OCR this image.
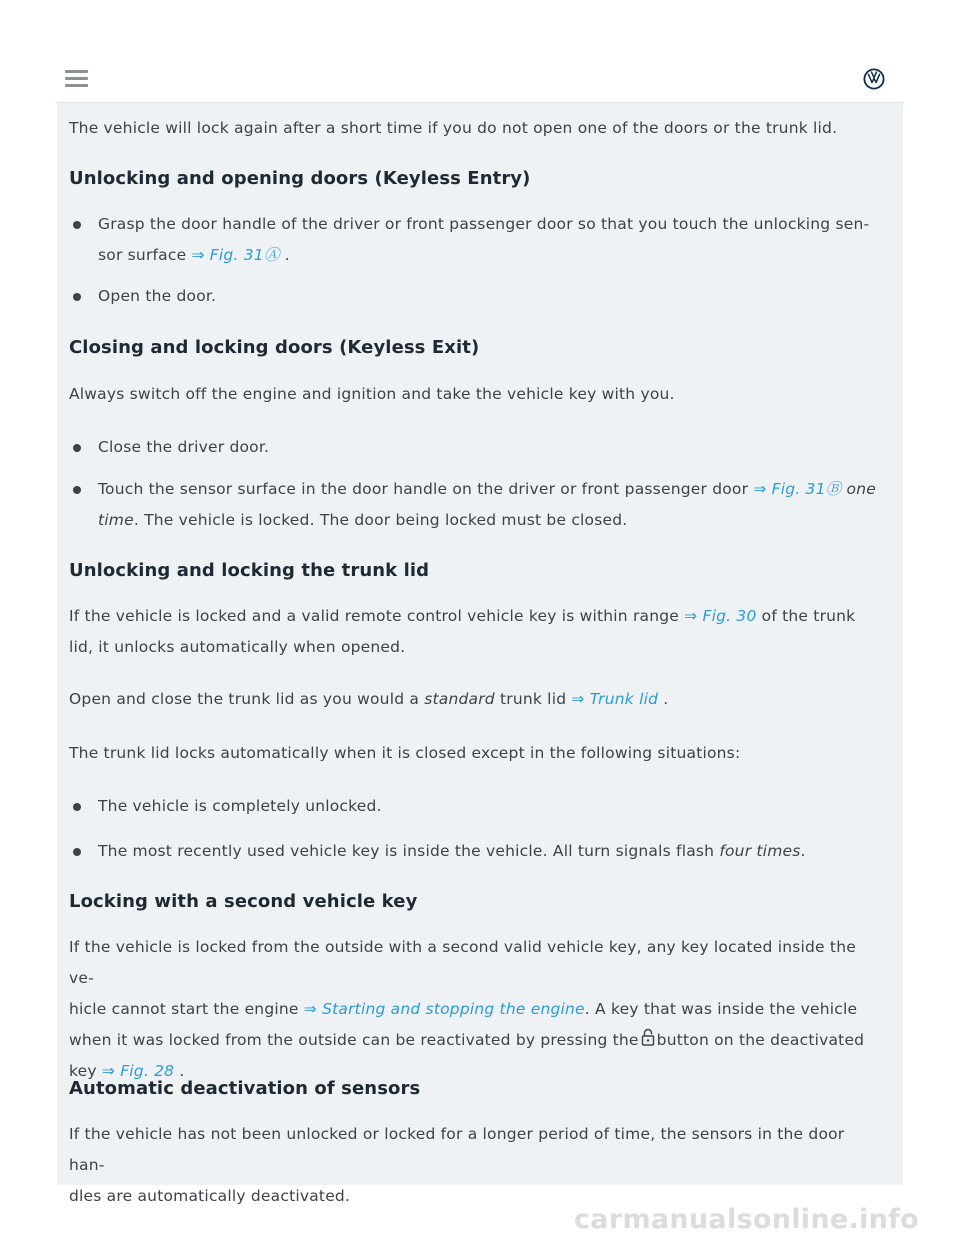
The vehicle will lock again after a short time if you do not open one of the doors or the trunk lid.

Unlocking and opening doors (Keyless Entry)

Grasp the door handle of the driver or front passenger door so that you touch the unlocking sen-
sor surface ⇒ Fig. 31Ⓐ .

Open the door.

Closing and locking doors (Keyless Exit)

Always switch off the engine and ignition and take the vehicle key with you.

Close the driver door.

Touch the sensor surface in the door handle on the driver or front passenger door ⇒ Fig. 31Ⓑ one
time. The vehicle is locked. The door being locked must be closed.

Unlocking and locking the trunk lid

If the vehicle is locked and a valid remote control vehicle key is within range ⇒ Fig. 30 of the trunk
lid, it unlocks automatically when opened.

Open and close the trunk lid as you would a standard trunk lid ⇒ Trunk lid .

The trunk lid locks automatically when it is closed except in the following situations:

The vehicle is completely unlocked.

The most recently used vehicle key is inside the vehicle. All turn signals flash four times.

Locking with a second vehicle key

If the vehicle is locked from the outside with a second valid vehicle key, any key located inside the ve-
hicle cannot start the engine ⇒ Starting and stopping the engine. A key that was inside the vehicle
when it was locked from the outside can be reactivated by pressing the button on the deactivated
key ⇒ Fig. 28 .

Automatic deactivation of sensors

If the vehicle has not been unlocked or locked for a longer period of time, the sensors in the door han-
dles are automatically deactivated.

carmanualsonline.info
